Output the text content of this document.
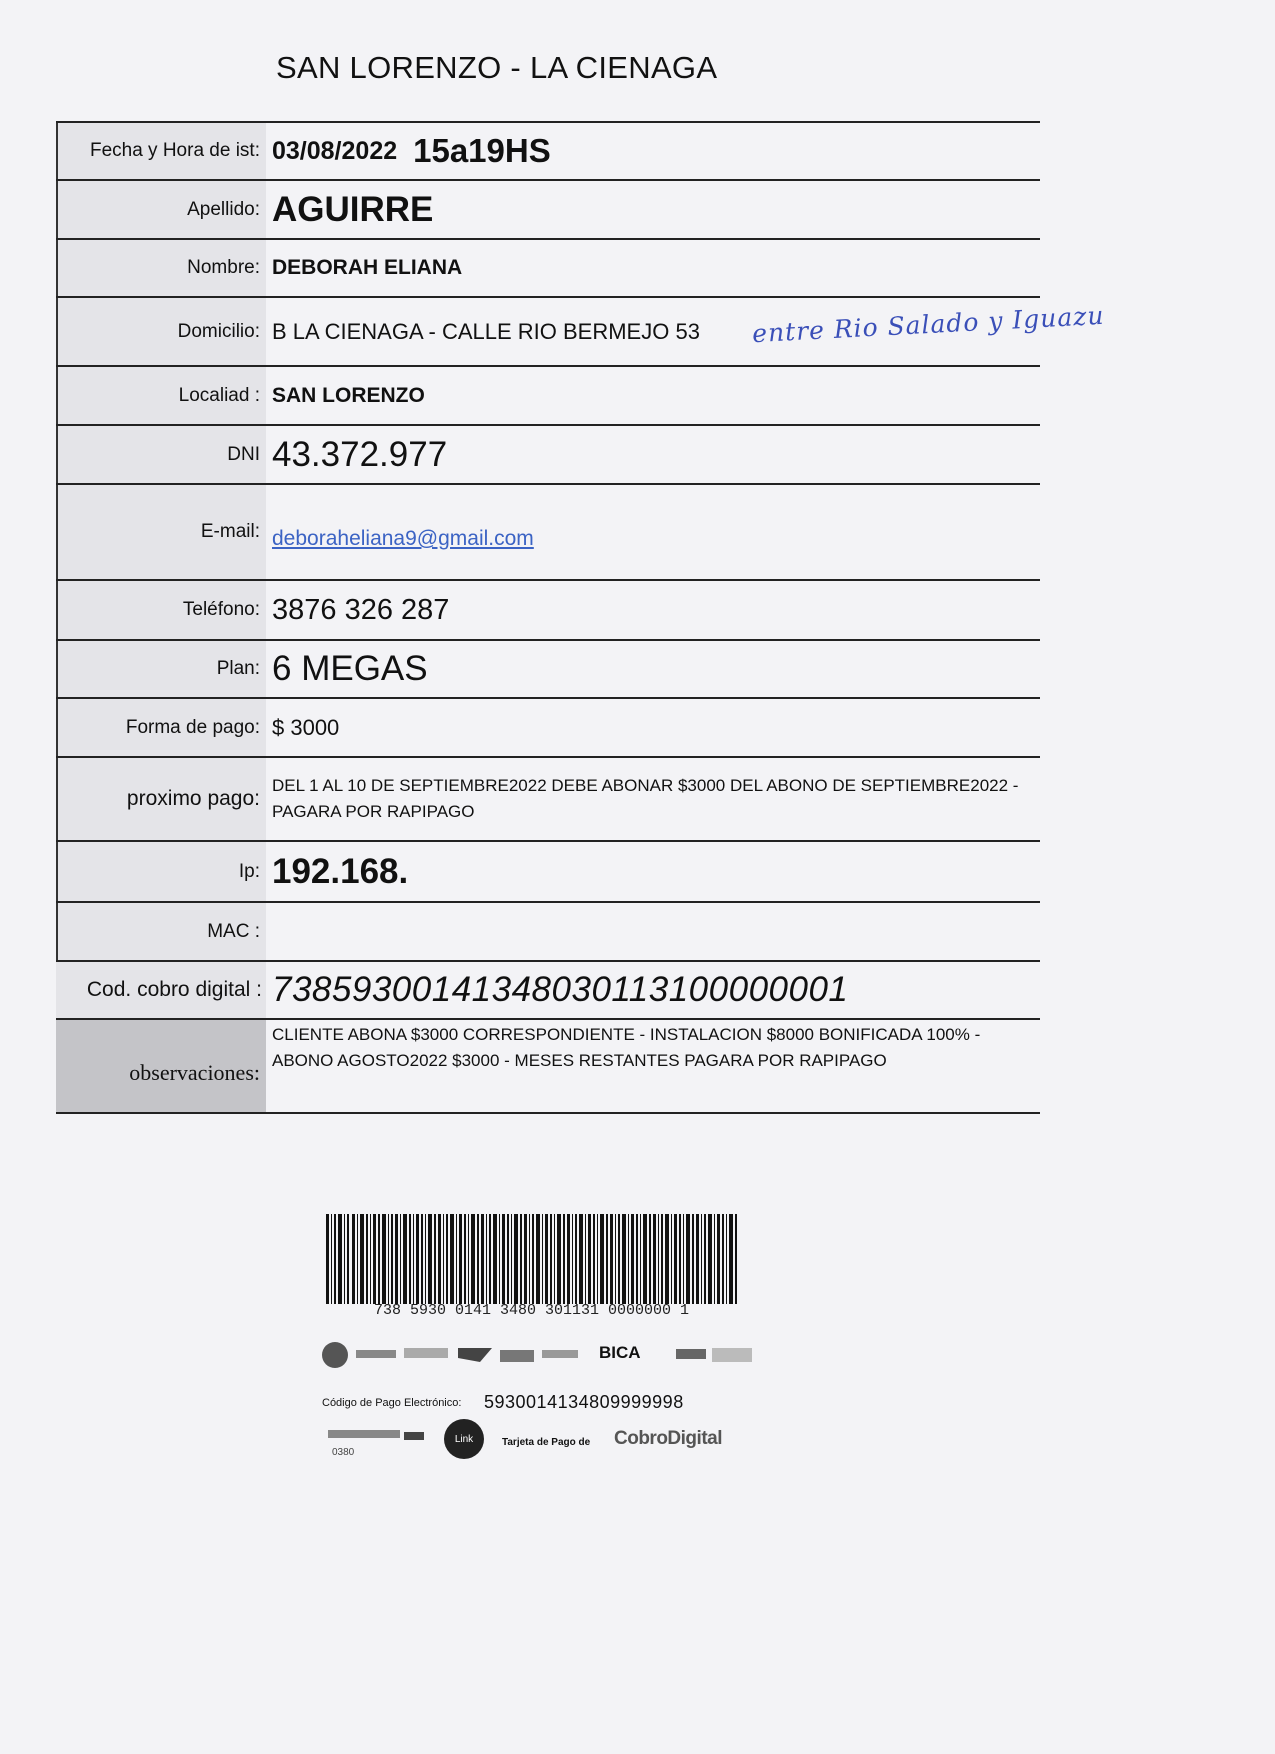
SAN LORENZO - LA CIENAGA
Fecha y Hora de ist: 03/08/2022 15a19HS
Apellido: AGUIRRE
Nombre: DEBORAH ELIANA
Domicilio: B LA CIENAGA - CALLE RIO BERMEJO 53
Localiad : SAN LORENZO
DNI 43.372.977
E-mail: deboraheliana9@gmail.com
Teléfono: 3876 326 287
Plan: 6 MEGAS
Forma de pago: $ 3000
proximo pago:
DEL 1 AL 10 DE SEPTIEMBRE2022 DEBE ABONAR $3000 DEL ABONO DE SEPTIEMBRE2022 - PAGARA POR RAPIPAGO
Ip: 192.168.
MAC :
Cod. cobro digital : 73859300141348030113100000001
observaciones:
CLIENTE ABONA $3000 CORRESPONDIENTE - INSTALACION $8000 BONIFICADA 100% - ABONO AGOSTO2022 $3000 - MESES RESTANTES PAGARA POR RAPIPAGO
entre Rio Salado y Iguazu
738 5930 0141 3480 301131 0000000 1
BICA
Código de Pago Electrónico: 5930014134809999998
0380
Link	Tarjeta de Pago de CobroDigital
